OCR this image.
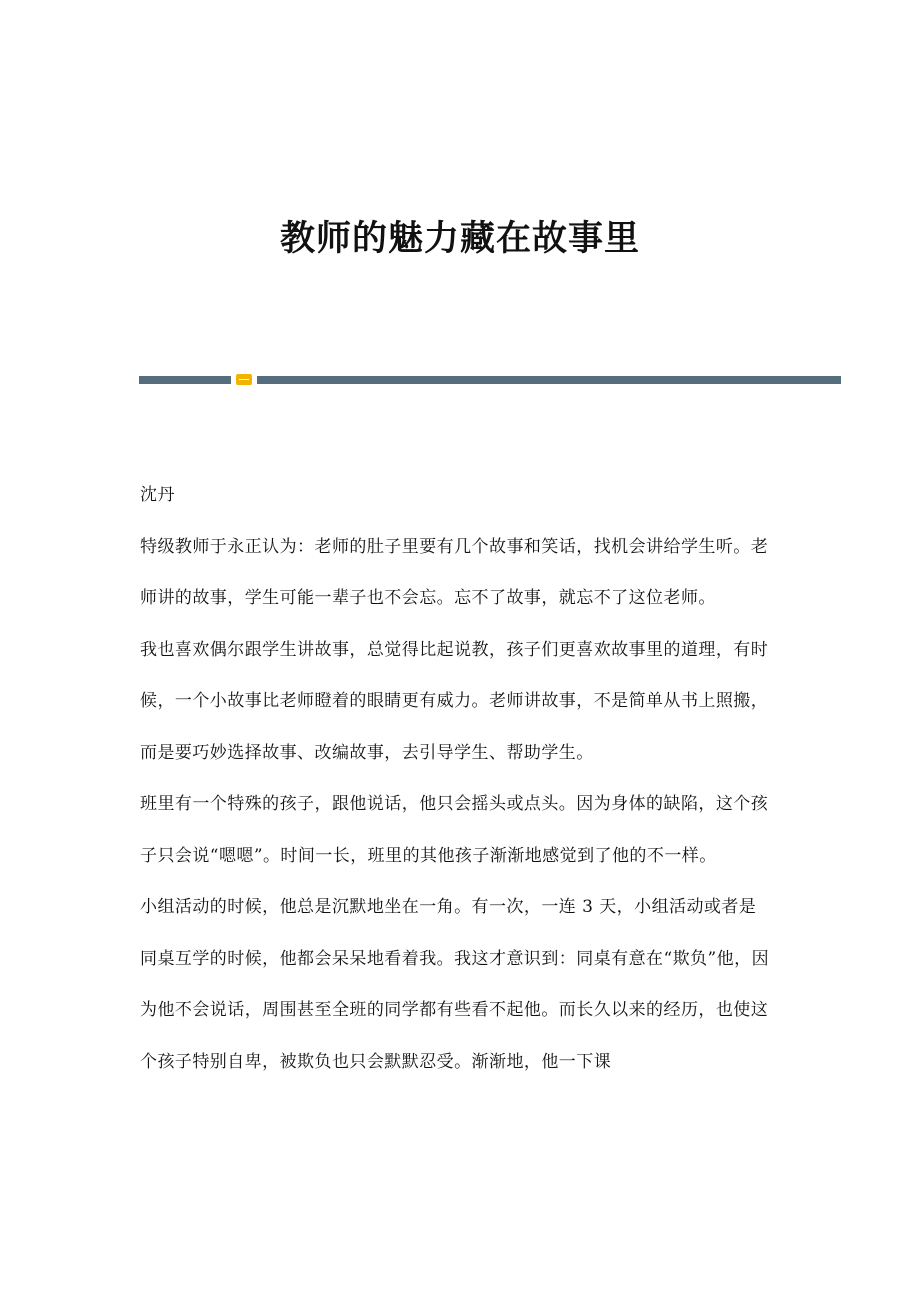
教师的魅力藏在故事里

沈丹

特级教师于永正认为：老师的肚子里要有几个故事和笑话，找机会讲给学生听。老师讲的故事，学生可能一辈子也不会忘。忘不了故事，就忘不了这位老师。

我也喜欢偶尔跟学生讲故事，总觉得比起说教，孩子们更喜欢故事里的道理，有时候，一个小故事比老师瞪着的眼睛更有威力。老师讲故事，不是简单从书上照搬，而是要巧妙选择故事、改编故事，去引导学生、帮助学生。

班里有一个特殊的孩子，跟他说话，他只会摇头或点头。因为身体的缺陷，这个孩子只会说“嗯嗯”。时间一长，班里的其他孩子渐渐地感觉到了他的不一样。

小组活动的时候，他总是沉默地坐在一角。有一次，一连 3 天，小组活动或者是同桌互学的时候，他都会呆呆地看着我。我这才意识到：同桌有意在“欺负”他，因为他不会说话，周围甚至全班的同学都有些看不起他。而长久以来的经历，也使这个孩子特别自卑，被欺负也只会默默忍受。渐渐地，他一下课
